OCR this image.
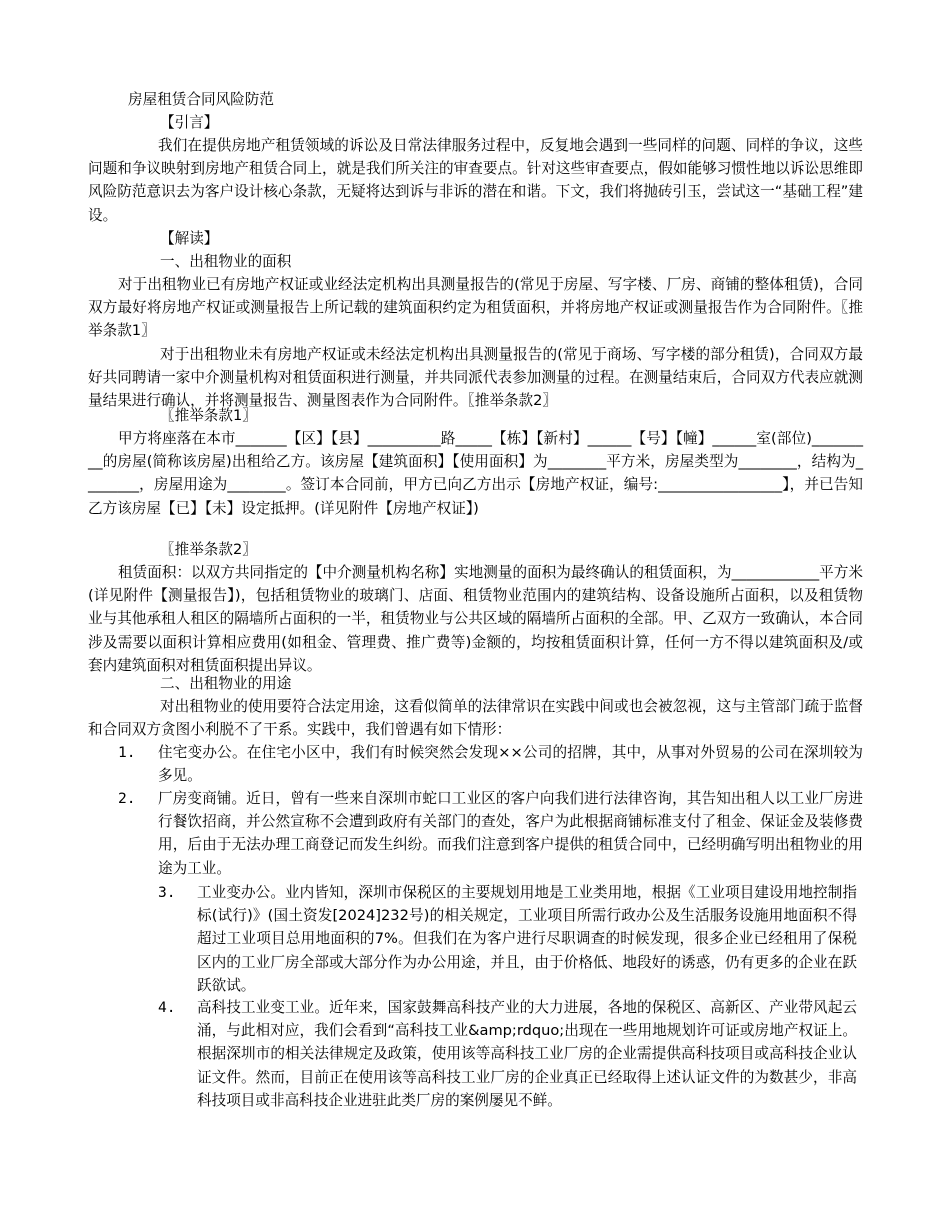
房屋租赁合同风险防范

【引言】

我们在提供房地产租赁领域的诉讼及日常法律服务过程中，反复地会遇到一些同样的问题、同样的争议，这些问题和争议映射到房地产租赁合同上，就是我们所关注的审查要点。针对这些审查要点，假如能够习惯性地以诉讼思维即风险防范意识去为客户设计核心条款，无疑将达到诉与非诉的潜在和谐。下文，我们将抛砖引玉，尝试这一“基础工程”建设。

【解读】

一、出租物业的面积

对于出租物业已有房地产权证或业经法定机构出具测量报告的(常见于房屋、写字楼、厂房、商铺的整体租赁)，合同双方最好将房地产权证或测量报告上所记载的建筑面积约定为租赁面积，并将房地产权证或测量报告作为合同附件。〖推举条款1〗

对于出租物业未有房地产权证或未经法定机构出具测量报告的(常见于商场、写字楼的部分租赁)，合同双方最好共同聘请一家中介测量机构对租赁面积进行测量，并共同派代表参加测量的过程。在测量结束后，合同双方代表应就测量结果进行确认，并将测量报告、测量图表作为合同附件。〖推举条款2〗

〖推举条款1〗

甲方将座落在本市_______【区】【县】__________路_____【栋】【新村】______【号】【幢】______室(部位)_________的房屋(简称该房屋)出租给乙方。该房屋【建筑面积】【使用面积】为________平方米，房屋类型为________，结构为________，房屋用途为________。签订本合同前，甲方已向乙方出示【房地产权证，编号:_________________】，并已告知乙方该房屋【已】【未】设定抵押。(详见附件【房地产权证】)

〖推举条款2〗

租赁面积：以双方共同指定的【中介测量机构名称】实地测量的面积为最终确认的租赁面积，为____________平方米(详见附件【测量报告】)，包括租赁物业的玻璃门、店面、租赁物业范围内的建筑结构、设备设施所占面积，以及租赁物业与其他承租人租区的隔墙所占面积的一半，租赁物业与公共区域的隔墙所占面积的全部。甲、乙双方一致确认，本合同涉及需要以面积计算相应费用(如租金、管理费、推广费等)金额的，均按租赁面积计算，任何一方不得以建筑面积及/或套内建筑面积对租赁面积提出异议。

二、出租物业的用途

对出租物业的使用要符合法定用途，这看似简单的法律常识在实践中间或也会被忽视，这与主管部门疏于监督和合同双方贪图小利脱不了干系。实践中，我们曾遇有如下情形：

1. 住宅变办公。在住宅小区中，我们有时候突然会发现××公司的招牌，其中，从事对外贸易的公司在深圳较为多见。

2. 厂房变商铺。近日，曾有一些来自深圳市蛇口工业区的客户向我们进行法律咨询，其告知出租人以工业厂房进行餐饮招商，并公然宣称不会遭到政府有关部门的查处，客户为此根据商铺标准支付了租金、保证金及装修费用，后由于无法办理工商登记而发生纠纷。而我们注意到客户提供的租赁合同中，已经明确写明出租物业的用途为工业。

3. 工业变办公。业内皆知，深圳市保税区的主要规划用地是工业类用地，根据《工业项目建设用地控制指标(试行)》(国土资发[2024]232号)的相关规定，工业项目所需行政办公及生活服务设施用地面积不得超过工业项目总用地面积的7%。但我们在为客户进行尽职调查的时候发现，很多企业已经租用了保税区内的工业厂房全部或大部分作为办公用途，并且，由于价格低、地段好的诱惑，仍有更多的企业在跃跃欲试。

4. 高科技工业变工业。近年来，国家鼓舞高科技产业的大力进展，各地的保税区、高新区、产业带风起云涌，与此相对应，我们会看到“高科技工业&amp;rdquo;出现在一些用地规划许可证或房地产权证上。根据深圳市的相关法律规定及政策，使用该等高科技工业厂房的企业需提供高科技项目或高科技企业认证文件。然而，目前正在使用该等高科技工业厂房的企业真正已经取得上述认证文件的为数甚少，非高科技项目或非高科技企业进驻此类厂房的案例屡见不鲜。
